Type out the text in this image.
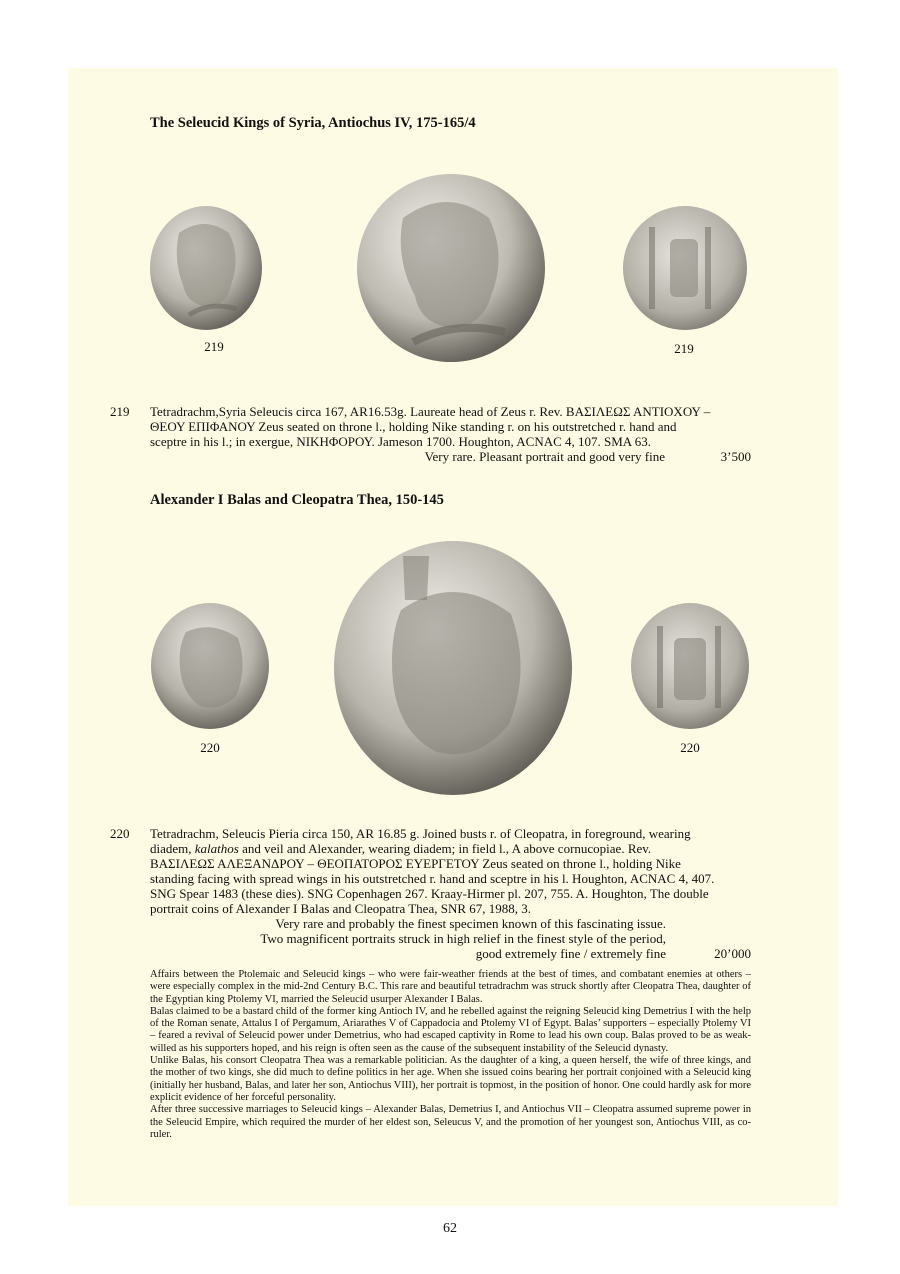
The Seleucid Kings of Syria, Antiochus IV, 175-165/4
219	219
219 Tetradrachm,Syria Seleucis circa 167, AR16.53g. Laureate head of Zeus r. Rev. ΒΑΣΙΛΕΩΣ ΑΝΤΙΟΧΟΥ –
ΘΕΟΥ ΕΠΙΦΑΝΟΥ Zeus seated on throne l., holding Nike standing r. on his outstretched r. hand and
sceptre in his l.; in exergue, ΝΙΚΗΦΟΡΟΥ. Jameson 1700. Houghton, ACNAC 4, 107. SMA 63.
Very rare. Pleasant portrait and good very fine	3’500
Alexander I Balas and Cleopatra Thea, 150-145
220	220
220 Tetradrachm, Seleucis Pieria circa 150, AR 16.85 g. Joined busts r. of Cleopatra, in foreground, wearing
diadem, kalathos and veil and Alexander, wearing diadem; in field l., A above cornucopiae. Rev.
ΒΑΣΙΛΕΩΣ ΑΛΕΞΑΝΔΡΟΥ – ΘΕΟΠΑΤΟΡΟΣ ΕΥΕΡΓΕΤΟΥ Zeus seated on throne l., holding Nike
standing facing with spread wings in his outstretched r. hand and sceptre in his l. Houghton, ACNAC 4, 407.
SNG Spear 1483 (these dies). SNG Copenhagen 267. Kraay-Hirmer pl. 207, 755. A. Houghton, The double
portrait coins of Alexander I Balas and Cleopatra Thea, SNR 67, 1988, 3.
Very rare and probably the finest specimen known of this fascinating issue.
Two magnificent portraits struck in high relief in the finest style of the period,
good extremely fine / extremely fine	20’000

Affairs between the Ptolemaic and Seleucid kings – who were fair-weather friends at the best of times, and combatant enemies at others – were especially complex in the mid-2nd Century B.C. This rare and beautiful tetradrachm was struck shortly after Cleopatra Thea, daughter of the Egyptian king Ptolemy VI, married the Seleucid usurper Alexander I Balas.

Balas claimed to be a bastard child of the former king Antioch IV, and he rebelled against the reigning Seleucid king Demetrius I with the help of the Roman senate, Attalus I of Pergamum, Ariarathes V of Cappadocia and Ptolemy VI of Egypt. Balas’ supporters – especially Ptolemy VI – feared a revival of Seleucid power under Demetrius, who had escaped captivity in Rome to lead his own coup. Balas proved to be as weak-willed as his supporters hoped, and his reign is often seen as the cause of the subsequent instability of the Seleucid dynasty.

Unlike Balas, his consort Cleopatra Thea was a remarkable politician. As the daughter of a king, a queen herself, the wife of three kings, and the mother of two kings, she did much to define politics in her age. When she issued coins bearing her portrait conjoined with a Seleucid king (initially her husband, Balas, and later her son, Antiochus VIII), her portrait is topmost, in the position of honor. One could hardly ask for more explicit evidence of her forceful personality.

After three successive marriages to Seleucid kings – Alexander Balas, Demetrius I, and Antiochus VII – Cleopatra assumed supreme power in the Seleucid Empire, which required the murder of her eldest son, Seleucus V, and the promotion of her youngest son, Antiochus VIII, as co-ruler.

62
